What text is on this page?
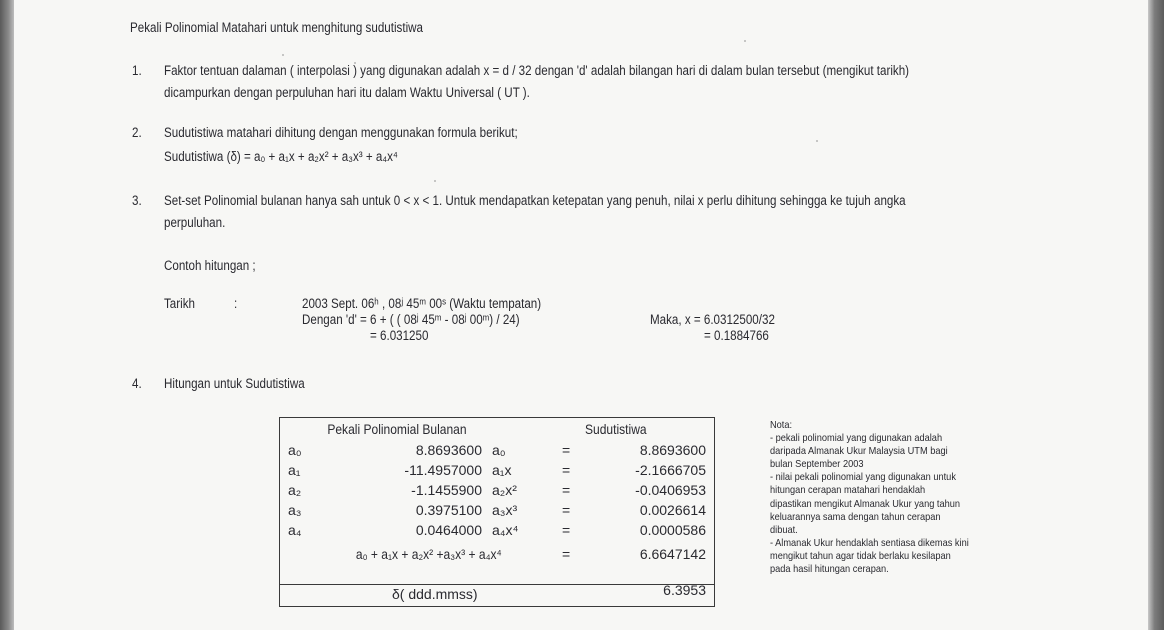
Pekali Polinomial Matahari untuk menghitung sudutistiwa
1. Faktor tentuan dalaman ( interpolasi ) yang digunakan adalah x = d / 32 dengan 'd' adalah bilangan hari di dalam bulan tersebut (mengikut tarikh)
dicampurkan dengan perpuluhan hari itu dalam Waktu Universal ( UT ).
2. Sudutistiwa matahari dihitung dengan menggunakan formula berikut;
Sudutistiwa (δ) = a₀ + a₁x + a₂x² + a₃x³ + a₄x⁴
3. Set-set Polinomial bulanan hanya sah untuk 0 < x < 1. Untuk mendapatkan ketepatan yang penuh, nilai x perlu dihitung sehingga ke tujuh angka
perpuluhan.
Contoh hitungan ;
Tarikh	:	2003 Sept. 06ʰ , 08ʲ 45ᵐ 00ˢ (Waktu tempatan)
Dengan 'd' = 6 + ( ( 08ʲ 45ᵐ - 08ʲ 00ᵐ) / 24)
= 6.031250
Maka, x = 6.0312500/32
= 0.1884766
4. Hitungan untuk Sudutistiwa
Pekali Polinomial Bulanan	Sudutistiwa
a₀	8.8693600 a₀	=	8.8693600
a₁	-11.4957000 a₁x	=	-2.1666705
a₂	-1.1455900 a₂x²	=	-0.0406953
a₃	0.3975100 a₃x³	=	0.0026614
a₄	0.0464000 a₄x⁴	=	0.0000586
a₀ + a₁x + a₂x² +a₃x³ + a₄x⁴	=	6.6647142
δ( ddd.mmss)	6.3953
Nota:
- pekali polinomial yang digunakan adalah
daripada Almanak Ukur Malaysia UTM bagi
bulan September 2003
- nilai pekali polinomial yang digunakan untuk
hitungan cerapan matahari hendaklah
dipastikan mengikut Almanak Ukur yang tahun
keluarannya sama dengan tahun cerapan
dibuat.
- Almanak Ukur hendaklah sentiasa dikemas kini
mengikut tahun agar tidak berlaku kesilapan
pada hasil hitungan cerapan.
